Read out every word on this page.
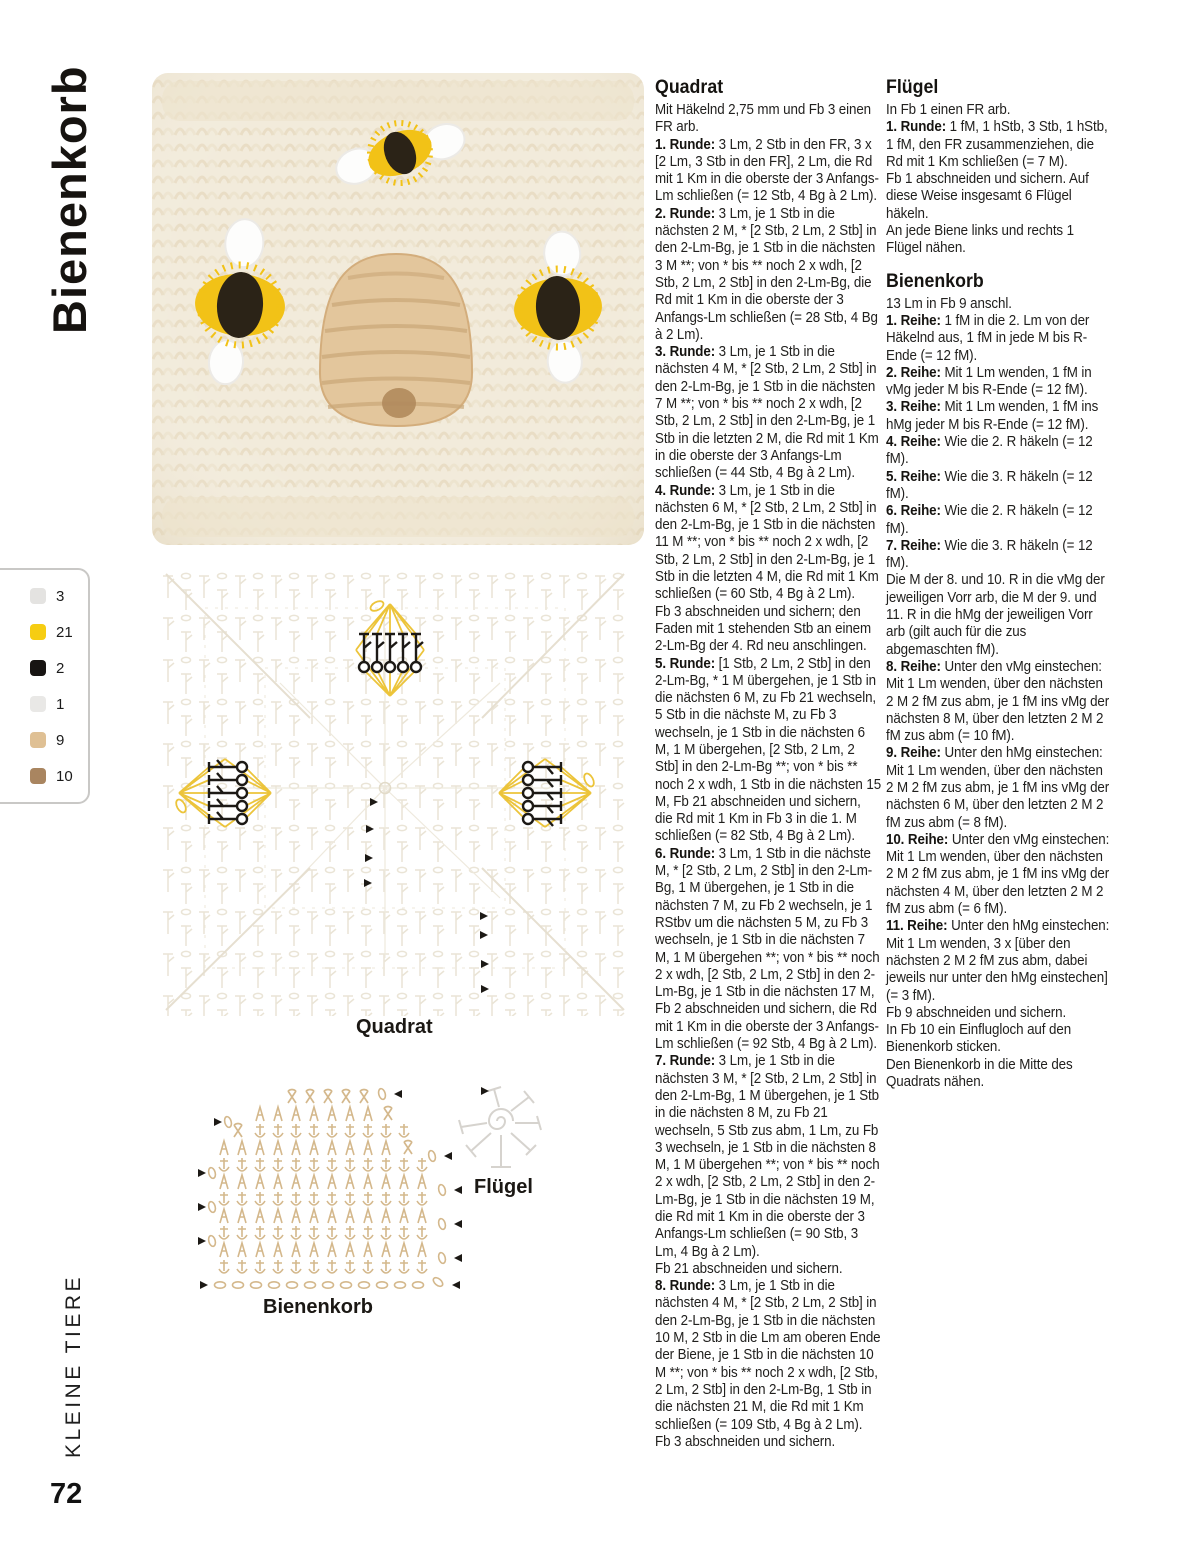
Bienenkorb
3
21
2
1
9
10
Quadrat
Bienenkorb
Flügel
Quadrat

Mit Häkelnd 2,75 mm und Fb 3 einen FR arb.

1. Runde: 3 Lm, 2 Stb in den FR, 3 x [2 Lm, 3 Stb in den FR], 2 Lm, die Rd mit 1 Km in die oberste der 3 Anfangs-Lm schließen (= 12 Stb, 4 Bg à 2 Lm).

2. Runde: 3 Lm, je 1 Stb in die nächsten 2 M, * [2 Stb, 2 Lm, 2 Stb] in den 2-Lm-Bg, je 1 Stb in die nächsten 3 M **; von * bis ** noch 2 x wdh, [2 Stb, 2 Lm, 2 Stb] in den 2-Lm-Bg, die Rd mit 1 Km in die oberste der 3 Anfangs-Lm schließen (= 28 Stb, 4 Bg à 2 Lm).

3. Runde: 3 Lm, je 1 Stb in die nächsten 4 M, * [2 Stb, 2 Lm, 2 Stb] in den 2-Lm-Bg, je 1 Stb in die nächsten 7 M **; von * bis ** noch 2 x wdh, [2 Stb, 2 Lm, 2 Stb] in den 2-Lm-Bg, je 1 Stb in die letzten 2 M, die Rd mit 1 Km in die oberste der 3 Anfangs-Lm schließen (= 44 Stb, 4 Bg à 2 Lm).

4. Runde: 3 Lm, je 1 Stb in die nächsten 6 M, * [2 Stb, 2 Lm, 2 Stb] in den 2-Lm-Bg, je 1 Stb in die nächsten 11 M **; von * bis ** noch 2 x wdh, [2 Stb, 2 Lm, 2 Stb] in den 2-Lm-Bg, je 1 Stb in die letzten 4 M, die Rd mit 1 Km schließen (= 60 Stb, 4 Bg à 2 Lm).

Fb 3 abschneiden und sichern; den Faden mit 1 stehenden Stb an einem 2-Lm-Bg der 4. Rd neu anschlingen.

5. Runde: [1 Stb, 2 Lm, 2 Stb] in den 2-Lm-Bg, * 1 M übergehen, je 1 Stb in die nächsten 6 M, zu Fb 21 wechseln, 5 Stb in die nächste M, zu Fb 3 wechseln, je 1 Stb in die nächsten 6 M, 1 M übergehen, [2 Stb, 2 Lm, 2 Stb] in den 2-Lm-Bg **; von * bis ** noch 2 x wdh, 1 Stb in die nächsten 15 M, Fb 21 abschneiden und sichern, die Rd mit 1 Km in Fb 3 in die 1. M schließen (= 82 Stb, 4 Bg à 2 Lm).

6. Runde: 3 Lm, 1 Stb in die nächste M, * [2 Stb, 2 Lm, 2 Stb] in den 2-Lm-Bg, 1 M übergehen, je 1 Stb in die nächsten 7 M, zu Fb 2 wechseln, je 1 RStbv um die nächsten 5 M, zu Fb 3 wechseln, je 1 Stb in die nächsten 7 M, 1 M übergehen **; von * bis ** noch 2 x wdh, [2 Stb, 2 Lm, 2 Stb] in den 2-Lm-Bg, je 1 Stb in die nächsten 17 M, Fb 2 abschneiden und sichern, die Rd mit 1 Km in die oberste der 3 Anfangs-Lm schließen (= 92 Stb, 4 Bg à 2 Lm).

7. Runde: 3 Lm, je 1 Stb in die nächsten 3 M, * [2 Stb, 2 Lm, 2 Stb] in den 2-Lm-Bg, 1 M übergehen, je 1 Stb in die nächsten 8 M, zu Fb 21 wechseln, 5 Stb zus abm, 1 Lm, zu Fb 3 wechseln, je 1 Stb in die nächsten 8 M, 1 M übergehen **; von * bis ** noch 2 x wdh, [2 Stb, 2 Lm, 2 Stb] in den 2-Lm-Bg, je 1 Stb in die nächsten 19 M, die Rd mit 1 Km in die oberste der 3 Anfangs-Lm schließen (= 90 Stb, 3 Lm, 4 Bg à 2 Lm).

Fb 21 abschneiden und sichern.

8. Runde: 3 Lm, je 1 Stb in die nächsten 4 M, * [2 Stb, 2 Lm, 2 Stb] in den 2-Lm-Bg, je 1 Stb in die nächsten 10 M, 2 Stb in die Lm am oberen Ende der Biene, je 1 Stb in die nächsten 10 M **; von * bis ** noch 2 x wdh, [2 Stb, 2 Lm, 2 Stb] in den 2-Lm-Bg, 1 Stb in die nächsten 21 M, die Rd mit 1 Km schließen (= 109 Stb, 4 Bg à 2 Lm).

Fb 3 abschneiden und sichern.

Flügel

In Fb 1 einen FR arb.

1. Runde: 1 fM, 1 hStb, 3 Stb, 1 hStb, 1 fM, den FR zusammenziehen, die Rd mit 1 Km schließen (= 7 M).

Fb 1 abschneiden und sichern. Auf diese Weise insgesamt 6 Flügel häkeln.

An jede Biene links und rechts 1 Flügel nähen.

Bienenkorb

13 Lm in Fb 9 anschl.

1. Reihe: 1 fM in die 2. Lm von der Häkelnd aus, 1 fM in jede M bis R-Ende (= 12 fM).

2. Reihe: Mit 1 Lm wenden, 1 fM in vMg jeder M bis R-Ende (= 12 fM).

3. Reihe: Mit 1 Lm wenden, 1 fM ins hMg jeder M bis R-Ende (= 12 fM).

4. Reihe: Wie die 2. R häkeln (= 12 fM).

5. Reihe: Wie die 3. R häkeln (= 12 fM).

6. Reihe: Wie die 2. R häkeln (= 12 fM).

7. Reihe: Wie die 3. R häkeln (= 12 fM).

Die M der 8. und 10. R in die vMg der jeweiligen Vorr arb, die M der 9. und 11. R in die hMg der jeweiligen Vorr arb (gilt auch für die zus abgemaschten fM).

8. Reihe: Unter den vMg einstechen: Mit 1 Lm wenden, über den nächsten 2 M 2 fM zus abm, je 1 fM ins vMg der nächsten 8 M, über den letzten 2 M 2 fM zus abm (= 10 fM).

9. Reihe: Unter den hMg einstechen: Mit 1 Lm wenden, über den nächsten 2 M 2 fM zus abm, je 1 fM ins vMg der nächsten 6 M, über den letzten 2 M 2 fM zus abm (= 8 fM).

10. Reihe: Unter den vMg einstechen: Mit 1 Lm wenden, über den nächsten 2 M 2 fM zus abm, je 1 fM ins vMg der nächsten 4 M, über den letzten 2 M 2 fM zus abm (= 6 fM).

11. Reihe: Unter den hMg einstechen: Mit 1 Lm wenden, 3 x [über den nächsten 2 M 2 fM zus abm, dabei jeweils nur unter den hMg einstechen] (= 3 fM).

Fb 9 abschneiden und sichern.

In Fb 10 ein Einflugloch auf den Bienenkorb sticken.

Den Bienenkorb in die Mitte des Quadrats nähen.

KLEINE TIERE
72
